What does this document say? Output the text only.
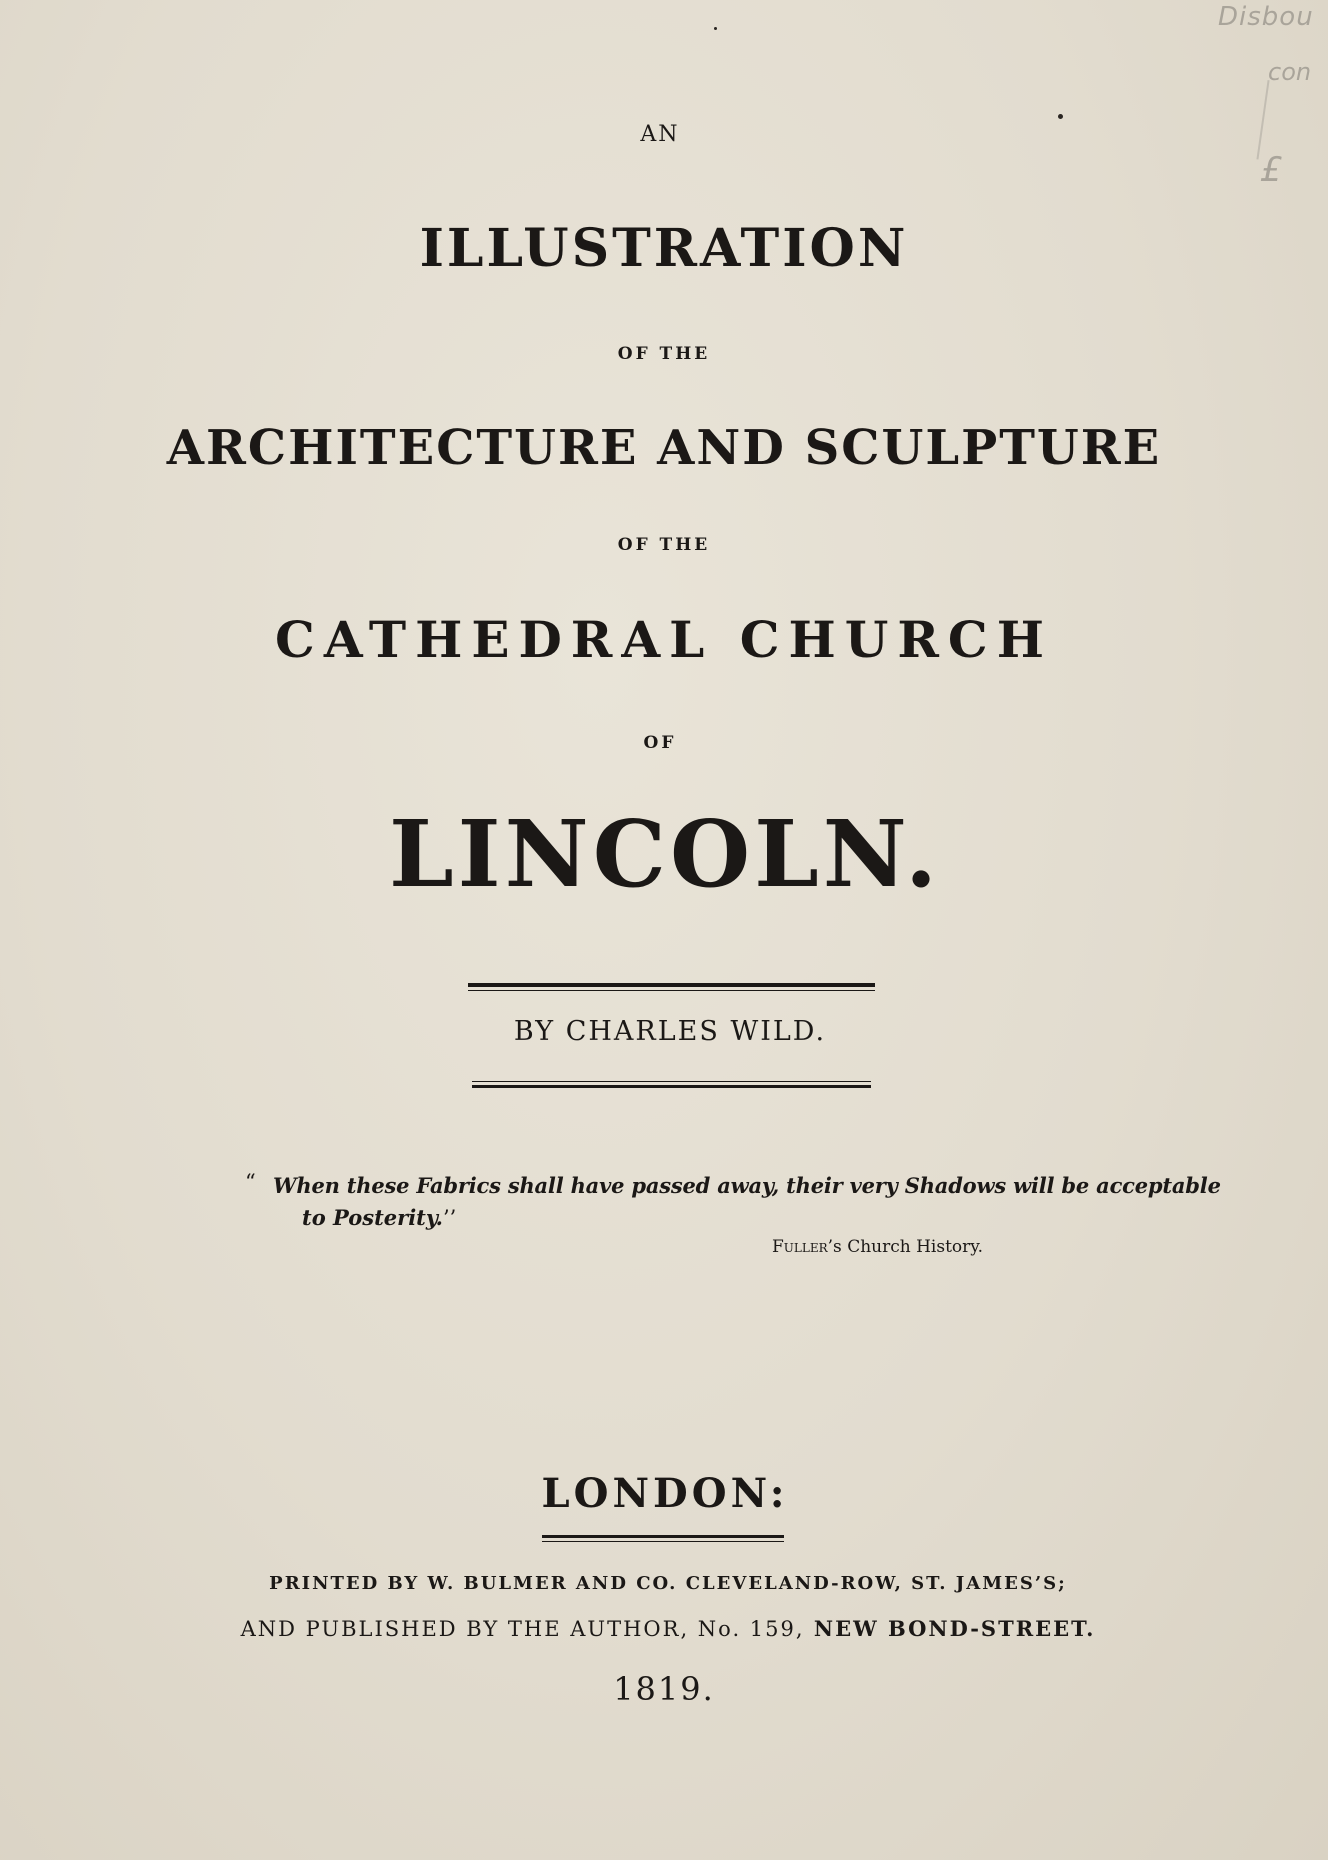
Disbou
con
£
AN
ILLUSTRATION
OF THE
ARCHITECTURE AND SCULPTURE
OF THE
CATHEDRAL CHURCH
OF
LINCOLN.
BY CHARLES WILD.
“ When these Fabrics shall have passed away, their very Shadows will be acceptable
to Posterity.’’
Fuller’s Church History.
LONDON:
PRINTED BY W. BULMER AND CO. CLEVELAND-ROW, ST. JAMES’S;
AND PUBLISHED BY THE AUTHOR, No. 159, NEW BOND-STREET.
1819.
